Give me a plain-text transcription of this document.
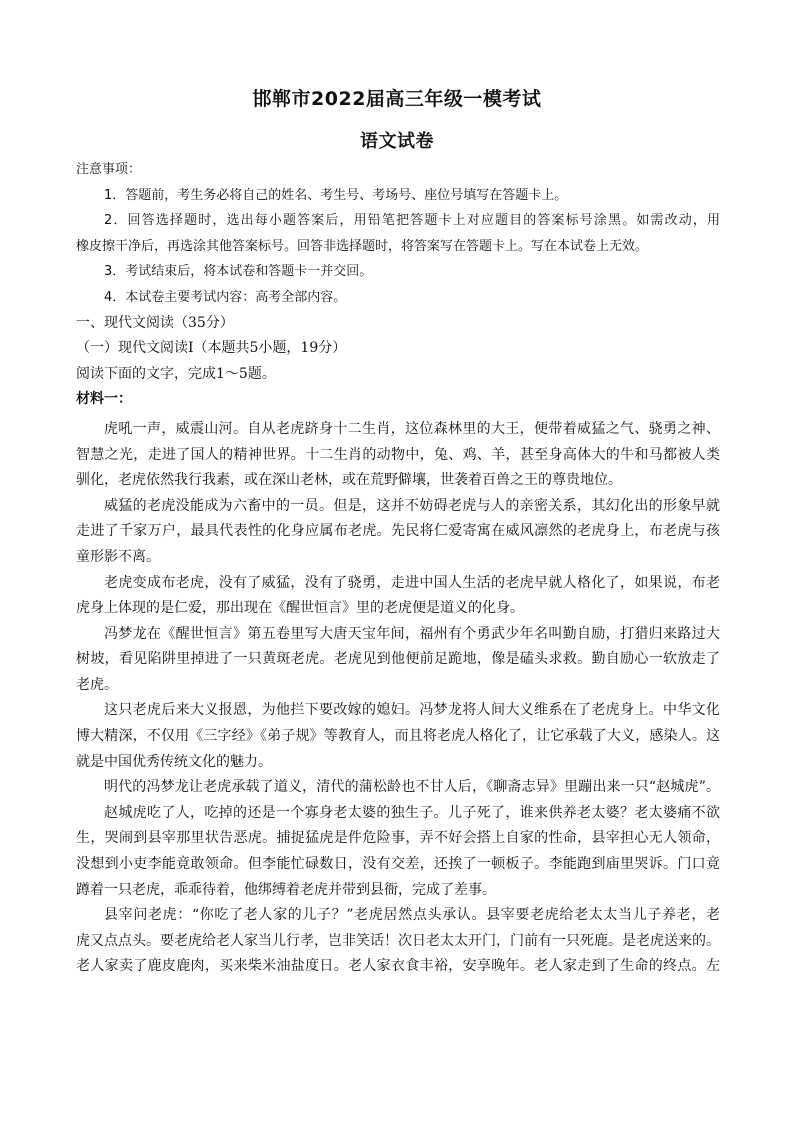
邯郸市2022届高三年级一模考试
语文试卷
注意事项：
1．答题前，考生务必将自己的姓名、考生号、考场号、座位号填写在答题卡上。
2．回答选择题时，选出每小题答案后，用铅笔把答题卡上对应题目的答案标号涂黑。如需改动，用
橡皮擦干净后，再选涂其他答案标号。回答非选择题时，将答案写在答题卡上。写在本试卷上无效。
3．考试结束后，将本试卷和答题卡一并交回。
4．本试卷主要考试内容：高考全部内容。
一、现代文阅读（35分）
（一）现代文阅读Ⅰ（本题共5小题，19分）
阅读下面的文字，完成1～5题。
材料一：
虎吼一声，威震山河。自从老虎跻身十二生肖，这位森林里的大王，便带着威猛之气、骁勇之神、
智慧之光，走进了国人的精神世界。十二生肖的动物中，兔、鸡、羊，甚至身高体大的牛和马都被人类
驯化，老虎依然我行我素，或在深山老林，或在荒野僻壤，世袭着百兽之王的尊贵地位。
威猛的老虎没能成为六畜中的一员。但是，这并不妨碍老虎与人的亲密关系，其幻化出的形象早就
走进了千家万户，最具代表性的化身应属布老虎。先民将仁爱寄寓在威风凛然的老虎身上，布老虎与孩
童形影不离。
老虎变成布老虎，没有了威猛，没有了骁勇，走进中国人生活的老虎早就人格化了，如果说，布老
虎身上体现的是仁爱，那出现在《醒世恒言》里的老虎便是道义的化身。
冯梦龙在《醒世恒言》第五卷里写大唐天宝年间，福州有个勇武少年名叫勤自励，打猎归来路过大
树坡，看见陷阱里掉进了一只黄斑老虎。老虎见到他便前足跪地，像是磕头求救。勤自励心一软放走了
老虎。
这只老虎后来大义报恩，为他拦下要改嫁的媳妇。冯梦龙将人间大义维系在了老虎身上。中华文化
博大精深，不仅用《三字经》《弟子规》等教育人，而且将老虎人格化了，让它承载了大义，感染人。这
就是中国优秀传统文化的魅力。
明代的冯梦龙让老虎承载了道义，清代的蒲松龄也不甘人后，《聊斋志异》里蹦出来一只“赵城虎”。
赵城虎吃了人，吃掉的还是一个寡身老太婆的独生子。儿子死了，谁来供养老太婆？老太婆痛不欲
生，哭闹到县宰那里状告恶虎。捕捉猛虎是件危险事，弄不好会搭上自家的性命，县宰担心无人领命，
没想到小吏李能竟敢领命。但李能忙碌数日，没有交差，还挨了一顿板子。李能跑到庙里哭诉。门口竟
蹲着一只老虎，乖乖待着，他绑缚着老虎并带到县衙，完成了差事。
县宰问老虎：“你吃了老人家的儿子？”老虎居然点头承认。县宰要老虎给老太太当儿子养老，老
虎又点点头。要老虎给老人家当儿行孝，岂非笑话！次日老太太开门，门前有一只死鹿。是老虎送来的。
老人家卖了鹿皮鹿肉，买来柴米油盐度日。老人家衣食丰裕，安享晚年。老人家走到了生命的终点。左
